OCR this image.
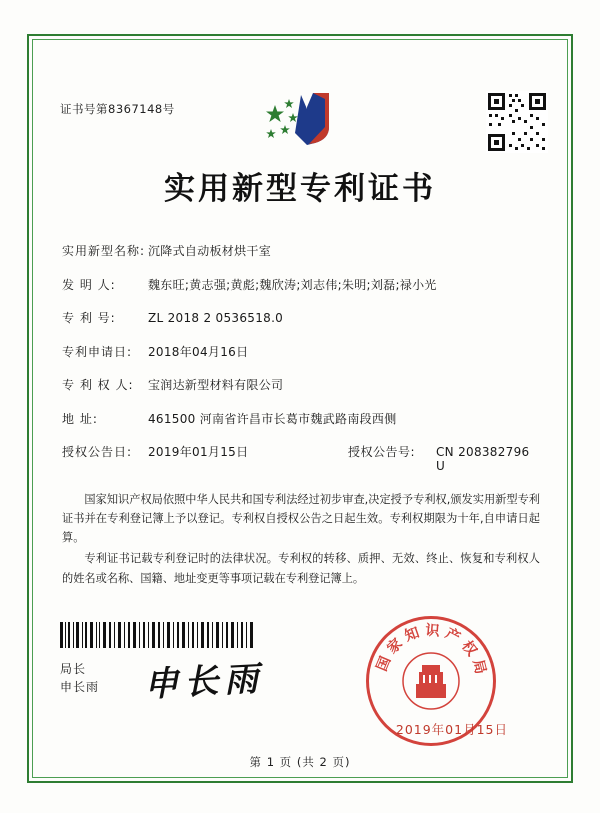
证书号第8367148号
实用新型专利证书
实用新型名称: 沉降式自动板材烘干室
发 明 人:	魏东旺;黄志强;黄彪;魏欣涛;刘志伟;朱明;刘磊;禄小光
专 利 号:	ZL 2018 2 0536518.0
专利申请日:	2018年04月16日
专 利 权 人:	宝润达新型材料有限公司
地 址:	461500 河南省许昌市长葛市魏武路南段西侧
授权公告日:	2019年01月15日	授权公告号:	CN 208382796 U

国家知识产权局依照中华人民共和国专利法经过初步审查,决定授予专利权,颁发实用新型专利证书并在专利登记簿上予以登记。专利权自授权公告之日起生效。专利权期限为十年,自申请日起算。

专利证书记载专利登记时的法律状况。专利权的转移、质押、无效、终止、恢复和专利权人的姓名或名称、国籍、地址变更等事项记载在专利登记簿上。

局长
申长雨 申长雨	国家知识产权局
2019年01月15日
第 1 页 (共 2 页)
